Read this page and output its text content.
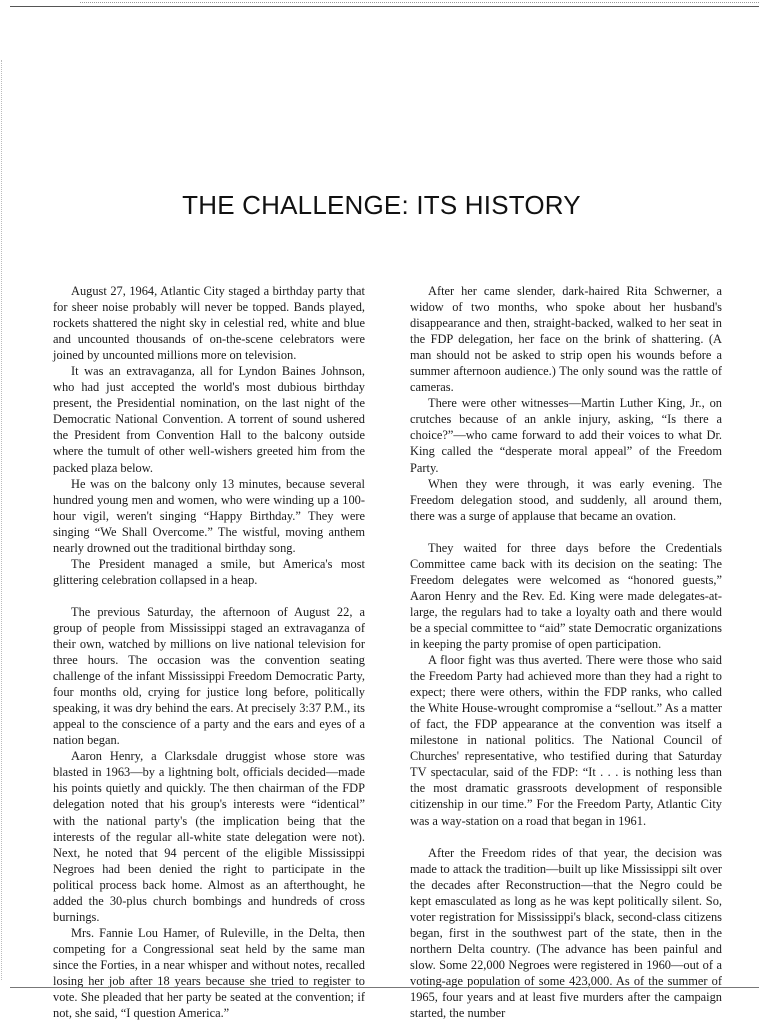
THE CHALLENGE: ITS HISTORY

August 27, 1964, Atlantic City staged a birthday party that for sheer noise probably will never be topped. Bands played, rockets shattered the night sky in celestial red, white and blue and uncounted thousands of on-the-scene celebrators were joined by uncounted millions more on television.

It was an extravaganza, all for Lyndon Baines Johnson, who had just accepted the world's most dubious birthday present, the Presidential nomination, on the last night of the Democratic National Convention. A torrent of sound ushered the President from Convention Hall to the balcony outside where the tumult of other well-wishers greeted him from the packed plaza below.

He was on the balcony only 13 minutes, because several hundred young men and women, who were winding up a 100-hour vigil, weren't singing “Happy Birthday.” They were singing “We Shall Overcome.” The wistful, moving anthem nearly drowned out the traditional birthday song.

The President managed a smile, but America's most glittering celebration collapsed in a heap.

The previous Saturday, the afternoon of August 22, a group of people from Mississippi staged an extravaganza of their own, watched by millions on live national television for three hours. The occasion was the convention seating challenge of the infant Mississippi Freedom Democratic Party, four months old, crying for justice long before, politically speaking, it was dry behind the ears. At precisely 3:37 P.M., its appeal to the conscience of a party and the ears and eyes of a nation began.

Aaron Henry, a Clarksdale druggist whose store was blasted in 1963—by a lightning bolt, officials decided—made his points quietly and quickly. The then chairman of the FDP delegation noted that his group's interests were “identical” with the national party's (the implication being that the interests of the regular all-white state delegation were not). Next, he noted that 94 percent of the eligible Mississippi Negroes had been denied the right to participate in the political process back home. Almost as an afterthought, he added the 30-plus church bombings and hundreds of cross burnings.

Mrs. Fannie Lou Hamer, of Ruleville, in the Delta, then competing for a Congressional seat held by the same man since the Forties, in a near whisper and without notes, recalled losing her job after 18 years because she tried to register to vote. She pleaded that her party be seated at the convention; if not, she said, “I question America.”

After her came slender, dark-haired Rita Schwerner, a widow of two months, who spoke about her husband's disappearance and then, straight-backed, walked to her seat in the FDP delegation, her face on the brink of shattering. (A man should not be asked to strip open his wounds before a summer afternoon audience.) The only sound was the rattle of cameras.

There were other witnesses—Martin Luther King, Jr., on crutches because of an ankle injury, asking, “Is there a choice?”—who came forward to add their voices to what Dr. King called the “desperate moral appeal” of the Freedom Party.

When they were through, it was early evening. The Freedom delegation stood, and suddenly, all around them, there was a surge of applause that became an ovation.

They waited for three days before the Credentials Committee came back with its decision on the seating: The Freedom delegates were welcomed as “honored guests,” Aaron Henry and the Rev. Ed. King were made delegates-at-large, the regulars had to take a loyalty oath and there would be a special committee to “aid” state Democratic organizations in keeping the party promise of open participation.

A floor fight was thus averted. There were those who said the Freedom Party had achieved more than they had a right to expect; there were others, within the FDP ranks, who called the White House-wrought compromise a “sellout.” As a matter of fact, the FDP appearance at the convention was itself a milestone in national politics. The National Council of Churches' representative, who testified during that Saturday TV spectacular, said of the FDP: “It . . . is nothing less than the most dramatic grassroots development of responsible citizenship in our time.” For the Freedom Party, Atlantic City was a way-station on a road that began in 1961.

After the Freedom rides of that year, the decision was made to attack the tradition—built up like Mississippi silt over the decades after Reconstruction—that the Negro could be kept emasculated as long as he was kept politically silent. So, voter registration for Mississippi's black, second-class citizens began, first in the southwest part of the state, then in the northern Delta country. (The advance has been painful and slow. Some 22,000 Negroes were registered in 1960—out of a voting-age population of some 423,000. As of the summer of 1965, four years and at least five murders after the campaign started, the number
